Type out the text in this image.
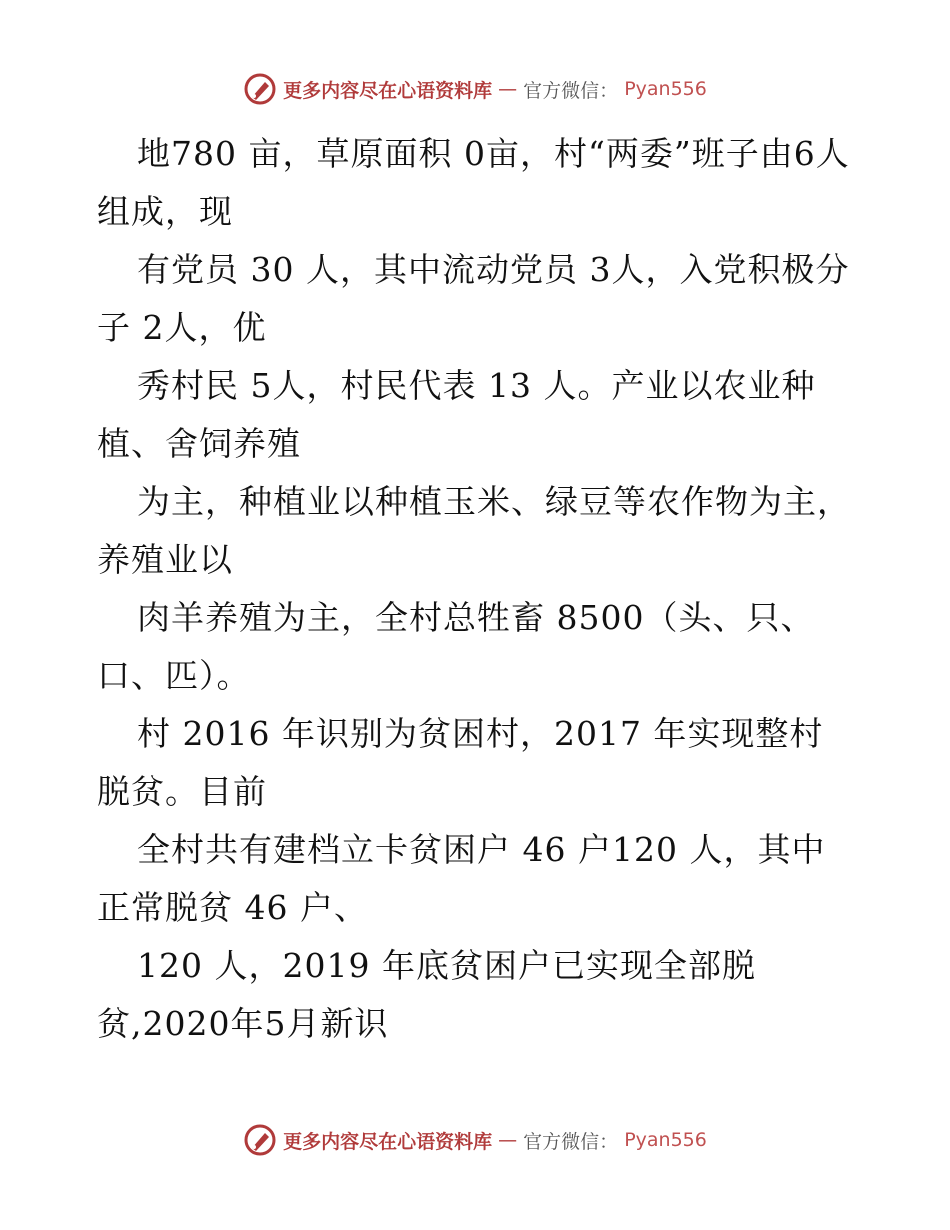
更多内容尽在心语资料库 — 官方微信： Pyan556

地780 亩，草原面积 0亩，村“两委”班子由6人组成，现

有党员 30 人，其中流动党员 3人，入党积极分子 2人，优

秀村民 5人，村民代表 13 人。产业以农业种植、舍饲养殖

为主，种植业以种植玉米、绿豆等农作物为主，养殖业以

肉羊养殖为主，全村总牲畜 8500（头、只、口、匹）。

村 2016 年识别为贫困村，2017 年实现整村脱贫。目前

全村共有建档立卡贫困户 46 户120 人，其中正常脱贫 46 户、

120 人，2019 年底贫困户已实现全部脱贫,2020年5月新识

更多内容尽在心语资料库 — 官方微信： Pyan556
